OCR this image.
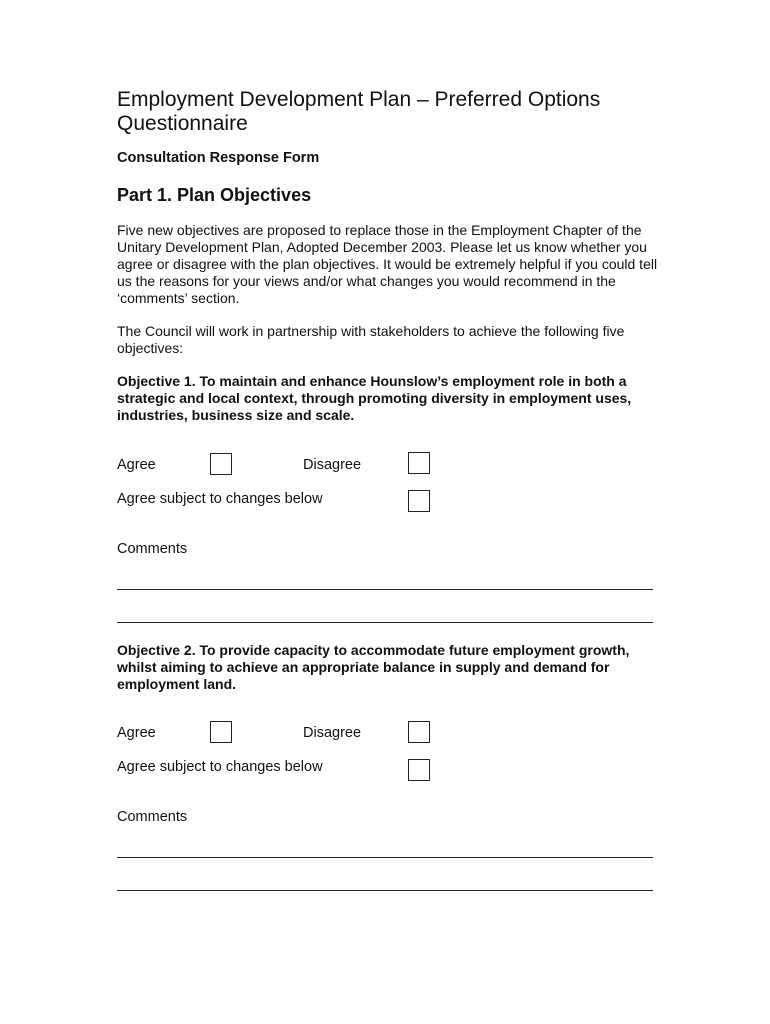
Employment Development Plan – Preferred Options Questionnaire
Consultation Response Form
Part 1. Plan Objectives

Five new objectives are proposed to replace those in the Employment Chapter of the Unitary Development Plan, Adopted December 2003. Please let us know whether you agree or disagree with the plan objectives. It would be extremely helpful if you could tell us the reasons for your views and/or what changes you would recommend in the ‘comments’ section.

The Council will work in partnership with stakeholders to achieve the following five objectives:

Objective 1. To maintain and enhance Hounslow’s employment role in both a strategic and local context, through promoting diversity in employment uses, industries, business size and scale.

Agree	Disagree
Agree subject to changes below
Comments

Objective 2. To provide capacity to accommodate future employment growth, whilst aiming to achieve an appropriate balance in supply and demand for employment land.

Agree	Disagree
Agree subject to changes below
Comments
